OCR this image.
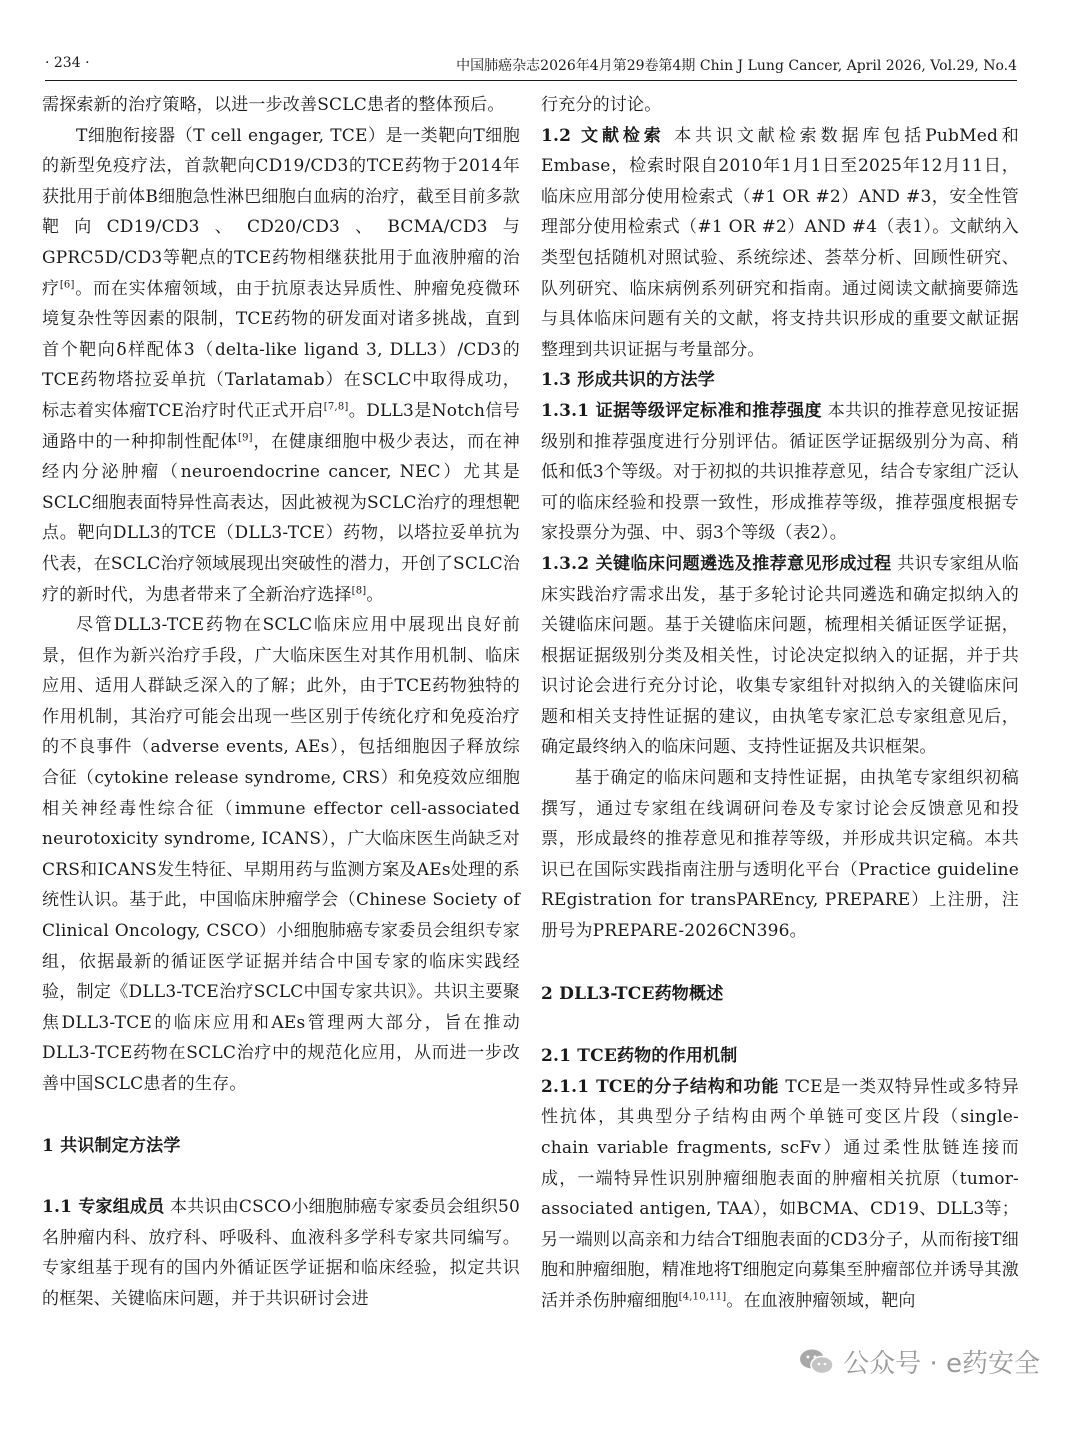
· 234 ·	中国肺癌杂志2026年4月第29卷第4期 Chin J Lung Cancer, April 2026, Vol.29, No.4

需探索新的治疗策略，以进一步改善SCLC患者的整体预后。

T细胞衔接器（T cell engager, TCE）是一类靶向T细胞的新型免疫疗法，首款靶向CD19/CD3的TCE药物于2014年获批用于前体B细胞急性淋巴细胞白血病的治疗，截至目前多款靶向CD19/CD3、CD20/CD3、BCMA/CD3与GPRC5D/CD3等靶点的TCE药物相继获批用于血液肿瘤的治疗[6]。而在实体瘤领域，由于抗原表达异质性、肿瘤免疫微环境复杂性等因素的限制，TCE药物的研发面对诸多挑战，直到首个靶向δ样配体3（delta-like ligand 3, DLL3）/CD3的TCE药物塔拉妥单抗（Tarlatamab）在SCLC中取得成功，标志着实体瘤TCE治疗时代正式开启[7,8]。DLL3是Notch信号通路中的一种抑制性配体[9]，在健康细胞中极少表达，而在神经内分泌肿瘤（neuroendocrine cancer, NEC）尤其是SCLC细胞表面特异性高表达，因此被视为SCLC治疗的理想靶点。靶向DLL3的TCE（DLL3-TCE）药物，以塔拉妥单抗为代表，在SCLC治疗领域展现出突破性的潜力，开创了SCLC治疗的新时代，为患者带来了全新治疗选择[8]。

尽管DLL3-TCE药物在SCLC临床应用中展现出良好前景，但作为新兴治疗手段，广大临床医生对其作用机制、临床应用、适用人群缺乏深入的了解；此外，由于TCE药物独特的作用机制，其治疗可能会出现一些区别于传统化疗和免疫治疗的不良事件（adverse events, AEs），包括细胞因子释放综合征（cytokine release syndrome, CRS）和免疫效应细胞相关神经毒性综合征（immune effector cell-associated neurotoxicity syndrome, ICANS），广大临床医生尚缺乏对CRS和ICANS发生特征、早期用药与监测方案及AEs处理的系统性认识。基于此，中国临床肿瘤学会（Chinese Society of Clinical Oncology, CSCO）小细胞肺癌专家委员会组织专家组，依据最新的循证医学证据并结合中国专家的临床实践经验，制定《DLL3-TCE治疗SCLC中国专家共识》。共识主要聚焦DLL3-TCE的临床应用和AEs管理两大部分，旨在推动DLL3-TCE药物在SCLC治疗中的规范化应用，从而进一步改善中国SCLC患者的生存。

1 共识制定方法学

1.1 专家组成员 本共识由CSCO小细胞肺癌专家委员会组织50名肿瘤内科、放疗科、呼吸科、血液科多学科专家共同编写。专家组基于现有的国内外循证医学证据和临床经验，拟定共识的框架、关键临床问题，并于共识研讨会进

行充分的讨论。

1.2 文献检索 本共识文献检索数据库包括PubMed和Embase，检索时限自2010年1月1日至2025年12月11日，临床应用部分使用检索式（#1 OR #2）AND #3，安全性管理部分使用检索式（#1 OR #2）AND #4（表1）。文献纳入类型包括随机对照试验、系统综述、荟萃分析、回顾性研究、队列研究、临床病例系列研究和指南。通过阅读文献摘要筛选与具体临床问题有关的文献，将支持共识形成的重要文献证据整理到共识证据与考量部分。

1.3 形成共识的方法学

1.3.1 证据等级评定标准和推荐强度 本共识的推荐意见按证据级别和推荐强度进行分别评估。循证医学证据级别分为高、稍低和低3个等级。对于初拟的共识推荐意见，结合专家组广泛认可的临床经验和投票一致性，形成推荐等级，推荐强度根据专家投票分为强、中、弱3个等级（表2）。

1.3.2 关键临床问题遴选及推荐意见形成过程 共识专家组从临床实践治疗需求出发，基于多轮讨论共同遴选和确定拟纳入的关键临床问题。基于关键临床问题，梳理相关循证医学证据，根据证据级别分类及相关性，讨论决定拟纳入的证据，并于共识讨论会进行充分讨论，收集专家组针对拟纳入的关键临床问题和相关支持性证据的建议，由执笔专家汇总专家组意见后，确定最终纳入的临床问题、支持性证据及共识框架。

基于确定的临床问题和支持性证据，由执笔专家组织初稿撰写，通过专家组在线调研问卷及专家讨论会反馈意见和投票，形成最终的推荐意见和推荐等级，并形成共识定稿。本共识已在国际实践指南注册与透明化平台（Practice guideline REgistration for transPAREncy, PREPARE）上注册，注册号为PREPARE-2026CN396。

2 DLL3-TCE药物概述

2.1 TCE药物的作用机制

2.1.1 TCE的分子结构和功能 TCE是一类双特异性或多特异性抗体，其典型分子结构由两个单链可变区片段（single-chain variable fragments, scFv）通过柔性肽链连接而成，一端特异性识别肿瘤细胞表面的肿瘤相关抗原（tumor-associated antigen, TAA），如BCMA、CD19、DLL3等；另一端则以高亲和力结合T细胞表面的CD3分子，从而衔接T细胞和肿瘤细胞，精准地将T细胞定向募集至肿瘤部位并诱导其激活并杀伤肿瘤细胞[4,10,11]。在血液肿瘤领域，靶向

公众号 · e药安全
